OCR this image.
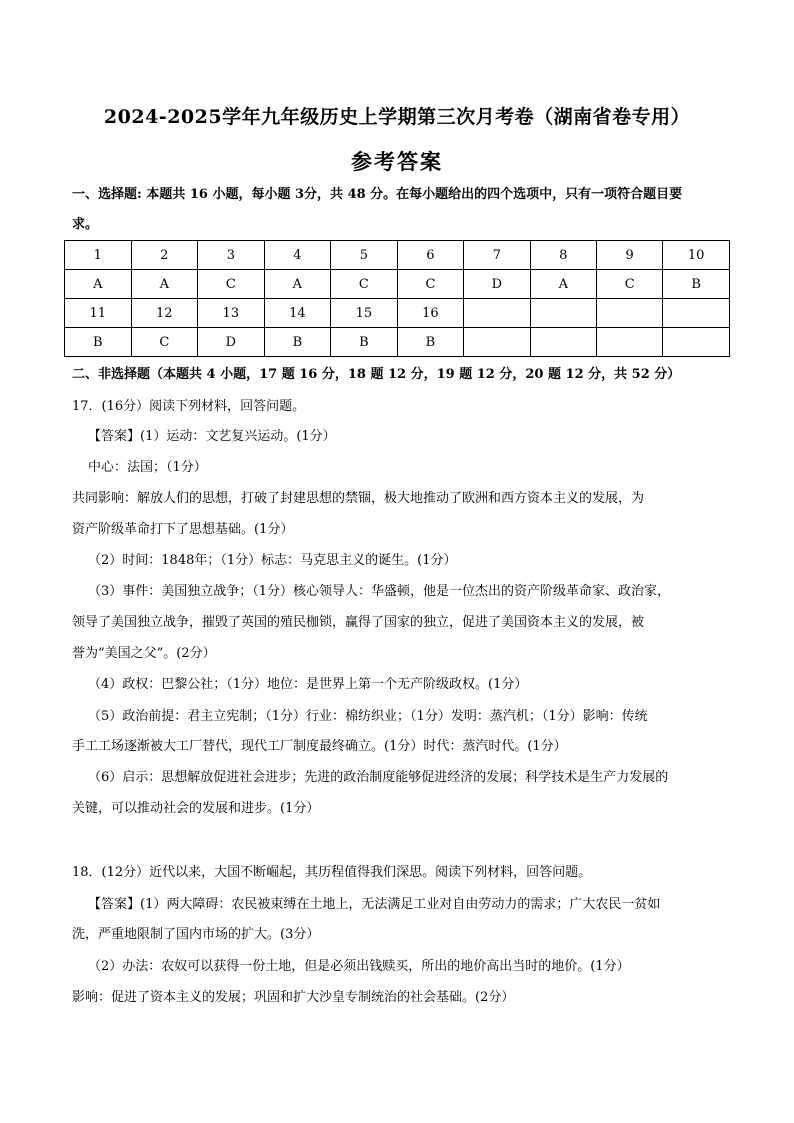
2024-2025学年九年级历史上学期第三次月考卷（湖南省卷专用）
参考答案
一、选择题: 本题共 16 小题，每小题 3分，共 48 分。在每小题给出的四个选项中，只有一项符合题目要
求。
1	2	3	4	5	6	7	8	9	10
A	A	C	A	C	C	D	A	C	B
11	12	13	14	15	16				
B	C	D	B	B	B				
二、非选择题（本题共 4 小题，17 题 16 分，18 题 12 分，19 题 12 分，20 题 12 分，共 52 分）
17．(16分）阅读下列材料，回答问题。
【答案】(1）运动：文艺复兴运动。(1分）
中心：法国；（1分）
共同影响：解放人们的思想，打破了封建思想的禁锢，极大地推动了欧洲和西方资本主义的发展，为
资产阶级革命打下了思想基础。(1分）
（2）时间：1848年；（1分）标志：马克思主义的诞生。(1分）
（3）事件：美国独立战争；（1分）核心领导人：华盛顿，他是一位杰出的资产阶级革命家、政治家，
领导了美国独立战争，摧毁了英国的殖民枷锁，赢得了国家的独立，促进了美国资本主义的发展，被
誉为“美国之父”。(2分）
（4）政权：巴黎公社；（1分）地位：是世界上第一个无产阶级政权。(1分）
（5）政治前提：君主立宪制；（1分）行业：棉纺织业；（1分）发明：蒸汽机；（1分）影响：传统
手工工场逐渐被大工厂替代，现代工厂制度最终确立。(1分）时代：蒸汽时代。(1分）
（6）启示：思想解放促进社会进步；先进的政治制度能够促进经济的发展；科学技术是生产力发展的
关键，可以推动社会的发展和进步。(1分）
18．(12分）近代以来，大国不断崛起，其历程值得我们深思。阅读下列材料，回答问题。
【答案】(1）两大障碍：农民被束缚在土地上，无法满足工业对自由劳动力的需求；广大农民一贫如
洗，严重地限制了国内市场的扩大。(3分）
（2）办法：农奴可以获得一份土地，但是必须出钱赎买，所出的地价高出当时的地价。(1分）
影响：促进了资本主义的发展；巩固和扩大沙皇专制统治的社会基础。(2分）
